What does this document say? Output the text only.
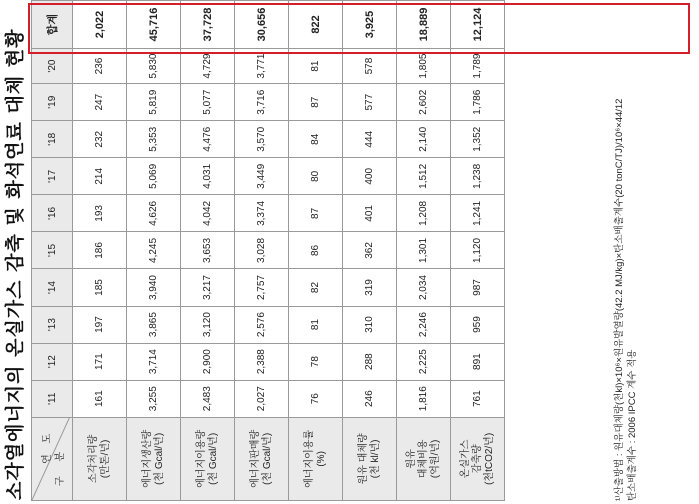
소각열에너지의 온실가스 감축 및 화석연료 대체 현황	연 도 구 분	'11	'12	'13	'14	'15	'16	'17	'18	'19	'20	합계

소각처리량 (만톤/년)	161	171	197	185	186	193	214	232	247	236	2,022

에너지생산량 (천 Gcal/년)	3,255	3,714	3,865	3,940	4,245	4,626	5,069	5,353	5,819	5,830	45,716

에너지이용량 (천 Gcal/년)	2,483	2,900	3,120	3,217	3,653	4,042	4,031	4,476	5,077	4,729	37,728

에너지판매량 (천 Gcal/년)	2,027	2,388	2,576	2,757	3,028	3,374	3,449	3,570	3,716	3,771	30,656

에너지이용률 (%)	76	78	81	82	86	87	80	84	87	81	822

원유 대체량 (천 kl/년)	246	288	310	319	362	401	400	444	577	578	3,925

원유 대체비용 (억원/년)	1,816	2,225	2,246	2,034	1,301	1,208	1,512	2,140	2,602	1,805	18,889

온실가스 감축량 (천tCO2/년)	761	891	959	987	1,120	1,241	1,238	1,352	1,786	1,789	12,124
¹⁾산출방법 : 원유대체량(천kl)×10⁶×원유발열량(42.2 MJ/kg)×탄소배출계수(20 tonC/TJ)/10⁶×44/12 탄소배출계수 : 2006 IPCC 계수 적용
